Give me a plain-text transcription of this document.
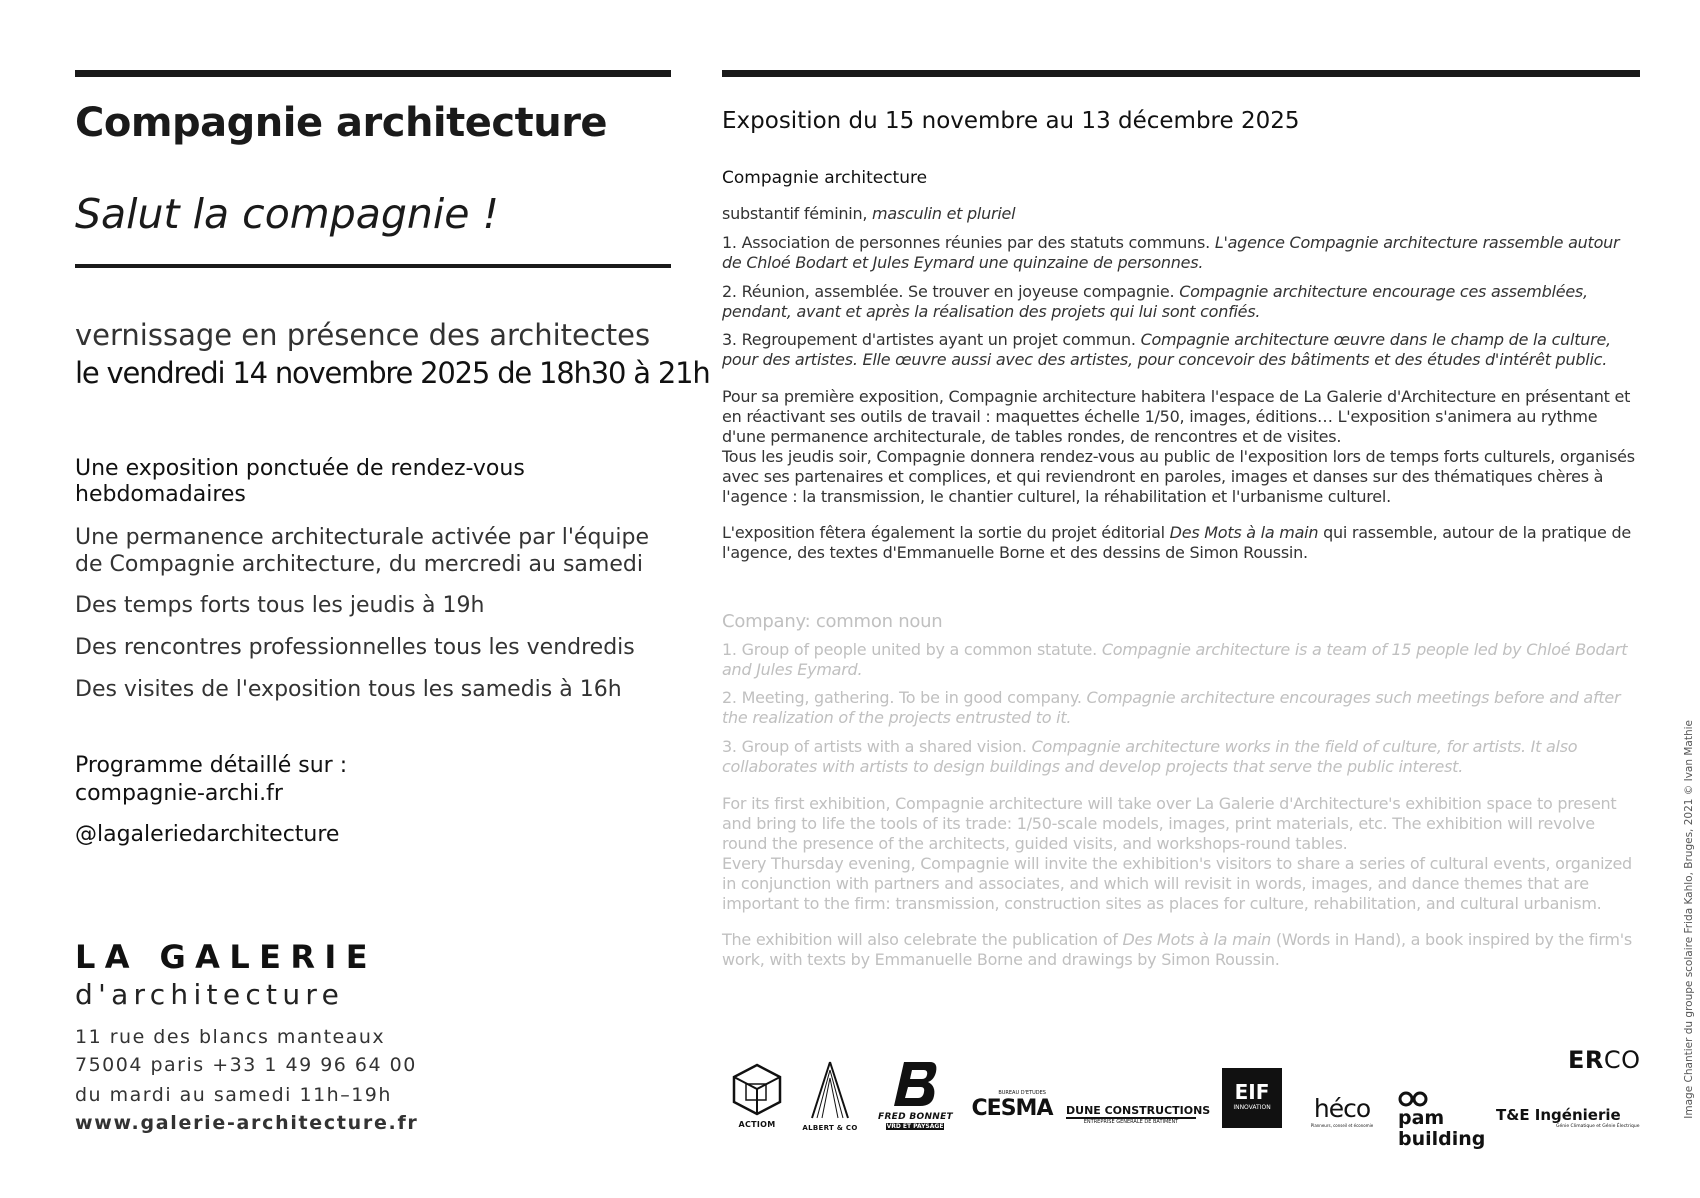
Compagnie architecture
Salut la compagnie !
vernissage en présence des architectes
le vendredi 14 novembre 2025 de 18h30 à 21h
Une exposition ponctuée de rendez-vous hebdomadaires
Une permanence architecturale activée par l'équipe de Compagnie architecture, du mercredi au samedi
Des temps forts tous les jeudis à 19h
Des rencontres professionnelles tous les vendredis
Des visites de l'exposition tous les samedis à 16h
Programme détaillé sur :
compagnie-archi.fr
@lagaleriedarchitecture
LA GALERIE
d'architecture
11 rue des blancs manteaux
75004 paris +33 1 49 96 64 00
du mardi au samedi 11h–19h
www.galerie-architecture.fr
Exposition du 15 novembre au 13 décembre 2025
Compagnie architecture
substantif féminin, masculin et pluriel
1. Association de personnes réunies par des statuts communs. L'agence Compagnie architecture rassemble autour de Chloé Bodart et Jules Eymard une quinzaine de personnes.
2. Réunion, assemblée. Se trouver en joyeuse compagnie. Compagnie architecture encourage ces assemblées, pendant, avant et après la réalisation des projets qui lui sont confiés.
3. Regroupement d'artistes ayant un projet commun. Compagnie architecture œuvre dans le champ de la culture, pour des artistes. Elle œuvre aussi avec des artistes, pour concevoir des bâtiments et des études d'intérêt public.
Pour sa première exposition, Compagnie architecture habitera l'espace de La Galerie d'Architecture en présentant et en réactivant ses outils de travail : maquettes échelle 1/50, images, éditions… L'exposition s'animera au rythme d'une permanence architecturale, de tables rondes, de rencontres et de visites.
Tous les jeudis soir, Compagnie donnera rendez-vous au public de l'exposition lors de temps forts culturels, organisés avec ses partenaires et complices, et qui reviendront en paroles, images et danses sur des thématiques chères à l'agence : la transmission, le chantier culturel, la réhabilitation et l'urbanisme culturel.
L'exposition fêtera également la sortie du projet éditorial Des Mots à la main qui rassemble, autour de la pratique de l'agence, des textes d'Emmanuelle Borne et des dessins de Simon Roussin.
Company: common noun
1. Group of people united by a common statute. Compagnie architecture is a team of 15 people led by Chloé Bodart and Jules Eymard.
2. Meeting, gathering. To be in good company. Compagnie architecture encourages such meetings before and after the realization of the projects entrusted to it.
3. Group of artists with a shared vision. Compagnie architecture works in the field of culture, for artists. It also collaborates with artists to design buildings and develop projects that serve the public interest.
For its first exhibition, Compagnie architecture will take over La Galerie d'Architecture's exhibition space to present and bring to life the tools of its trade: 1/50-scale models, images, print materials, etc. The exhibition will revolve round the presence of the architects, guided visits, and workshops-round tables.
Every Thursday evening, Compagnie will invite the exhibition's visitors to share a series of cultural events, organized in conjunction with partners and associates, and which will revisit in words, images, and dance themes that are important to the firm: transmission, construction sites as places for culture, rehabilitation, and cultural urbanism.
The exhibition will also celebrate the publication of Des Mots à la main (Words in Hand), a book inspired by the firm's work, with texts by Emmanuelle Borne and drawings by Simon Roussin.	Image Chantier du groupe scolaire Frida Kahlo, Bruges, 2021 © Ivan Mathie
ERCO
ACTIOM	ALBERT & CO
FRED BONNET
VRD ET PAYSAGE
BUREAU D'ETUDES
CESMA DUNE CONSTRUCTIONS
ENTREPRISE GÉNÉRALE DE BÂTIMENT
EIF
INNOVATION	héco
Planneurs, conseil et économie pam
building
T&E Ingénierie
Génie Climatique et Génie Électrique
